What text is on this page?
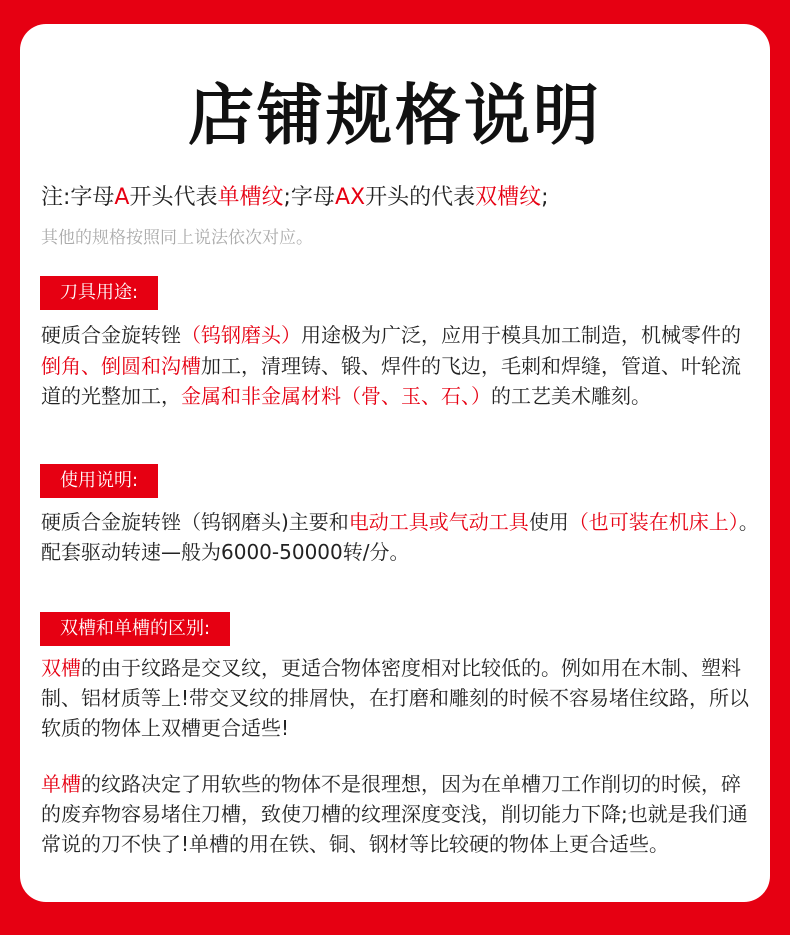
店铺规格说明
注:字母A开头代表单槽纹;字母AX开头的代表双槽纹;
其他的规格按照同上说法依次对应。
刀具用途:
硬质合金旋转锉（钨钢磨头）用途极为广泛，应用于模具加工制造，机械零件的
倒角、倒圆和沟槽加工，清理铸、锻、焊件的飞边，毛刺和焊缝，管道、叶轮流
道的光整加工，金属和非金属材料（骨、玉、石、）的工艺美术雕刻。
使用说明:
硬质合金旋转锉（钨钢磨头)主要和电动工具或气动工具使用（也可装在机床上）。
配套驱动转速—般为6000-50000转/分。
双槽和单槽的区别:
双槽的由于纹路是交叉纹，更适合物体密度相对比较低的。例如用在木制、塑料
制、铝材质等上!带交叉纹的排屑快，在打磨和雕刻的时候不容易堵住纹路，所以
软质的物体上双槽更合适些!
单槽的纹路决定了用软些的物体不是很理想，因为在单槽刀工作削切的时候，碎
的废弃物容易堵住刀槽，致使刀槽的纹理深度变浅，削切能力下降;也就是我们通
常说的刀不快了!单槽的用在铁、铜、钢材等比较硬的物体上更合适些。
